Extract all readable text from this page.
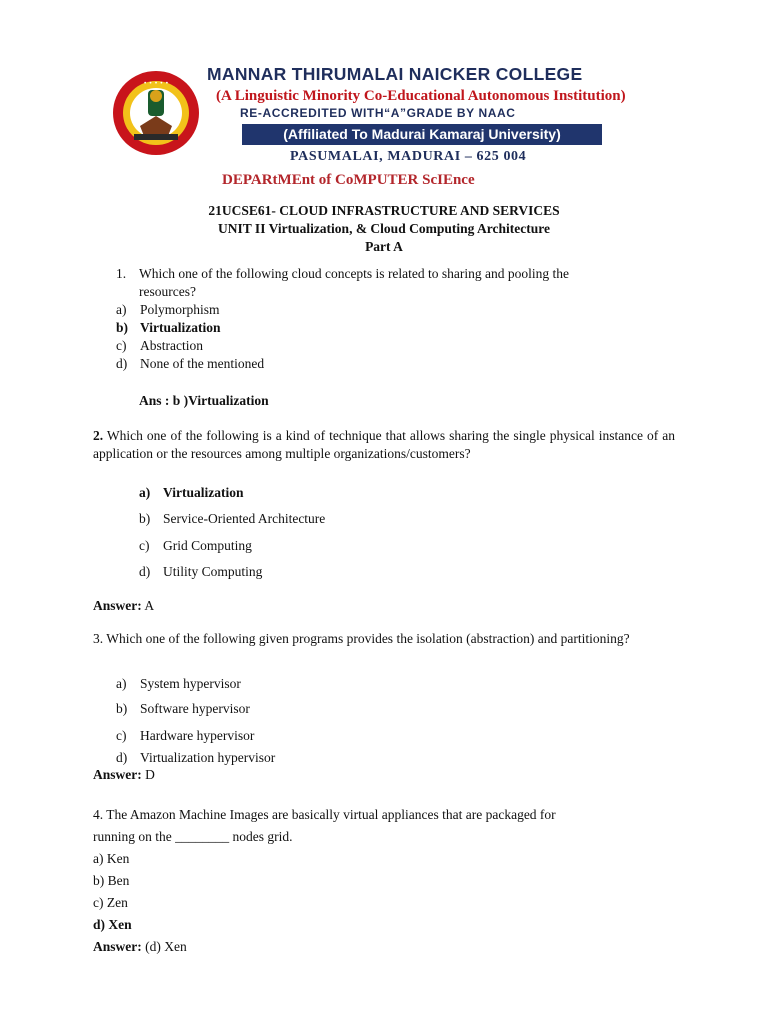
• • • • • MANNAR THIRUMALAI NAICKER COLLEGE
(A Linguistic Minority Co-Educational Autonomous Institution)
RE-ACCREDITED WITH“A”GRADE BY NAAC
(Affiliated To Madurai Kamaraj University)
PASUMALAI, MADURAI – 625 004
DEPARtMEnt of CoMPUTER ScIEnce
21UCSE61- CLOUD INFRASTRUCTURE AND SERVICES
UNIT II Virtualization, & Cloud Computing Architecture
Part A
1. Which one of the following cloud concepts is related to sharing and pooling the
resources?
a) Polymorphism
b) Virtualization
c) Abstraction
d) None of the mentioned
Ans : b )Virtualization
2. Which one of the following is a kind of technique that allows sharing the single physical instance of an application or the resources among multiple organizations/customers?
a) Virtualization
b) Service-Oriented Architecture
c) Grid Computing
d) Utility Computing
Answer: A
3. Which one of the following given programs provides the isolation (abstraction) and partitioning?
a) System hypervisor
b) Software hypervisor
c) Hardware hypervisor
d) Virtualization hypervisor
Answer: D
4. The Amazon Machine Images are basically virtual appliances that are packaged for
running on the ________ nodes grid.
a) Ken
b) Ben
c) Zen
d) Xen
Answer: (d) Xen
